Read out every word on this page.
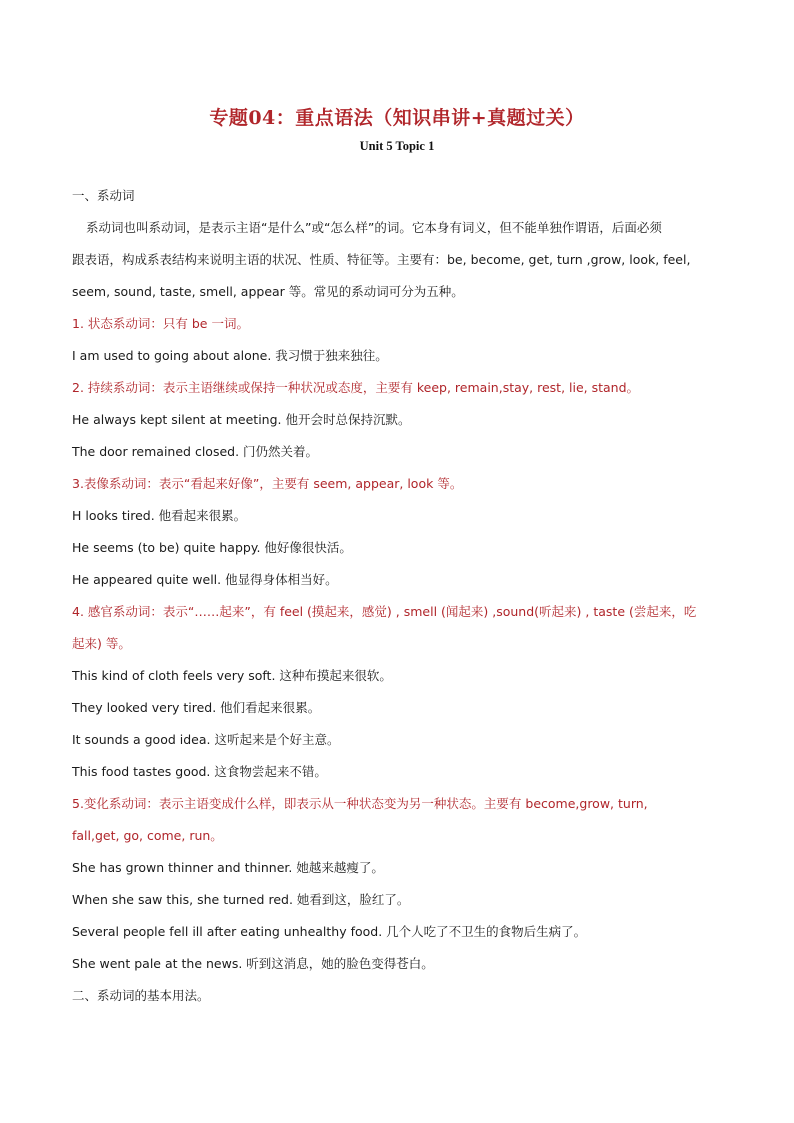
专题04：重点语法（知识串讲+真题过关）
Unit 5 Topic 1
一、系动词
系动词也叫系动词，是表示主语“是什么”或“怎么样”的词。它本身有词义，但不能单独作谓语，后面必须
跟表语，构成系表结构来说明主语的状况、性质、特征等。主要有：be, become, get, turn ,grow, look, feel,
seem, sound, taste, smell, appear 等。常见的系动词可分为五种。
1. 状态系动词：只有 be 一词。
I am used to going about alone. 我习惯于独来独往。
2. 持续系动词：表示主语继续或保持一种状况或态度，主要有 keep, remain,stay, rest, lie, stand。
He always kept silent at meeting. 他开会时总保持沉默。
The door remained closed. 门仍然关着。
3.表像系动词：表示“看起来好像”，主要有 seem, appear, look 等。
H looks tired. 他看起来很累。
He seems (to be) quite happy. 他好像很快活。
He appeared quite well. 他显得身体相当好。
4. 感官系动词：表示“……起来”，有 feel (摸起来，感觉) , smell (闻起来) ,sound(听起来) , taste (尝起来，吃
起来) 等。
This kind of cloth feels very soft. 这种布摸起来很软。
They looked very tired. 他们看起来很累。
It sounds a good idea. 这听起来是个好主意。
This food tastes good. 这食物尝起来不错。
5.变化系动词：表示主语变成什么样，即表示从一种状态变为另一种状态。主要有 become,grow, turn,
fall,get, go, come, run。
She has grown thinner and thinner. 她越来越瘦了。
When she saw this, she turned red. 她看到这，脸红了。
Several people fell ill after eating unhealthy food. 几个人吃了不卫生的食物后生病了。
She went pale at the news. 听到这消息，她的脸色变得苍白。
二、系动词的基本用法。
